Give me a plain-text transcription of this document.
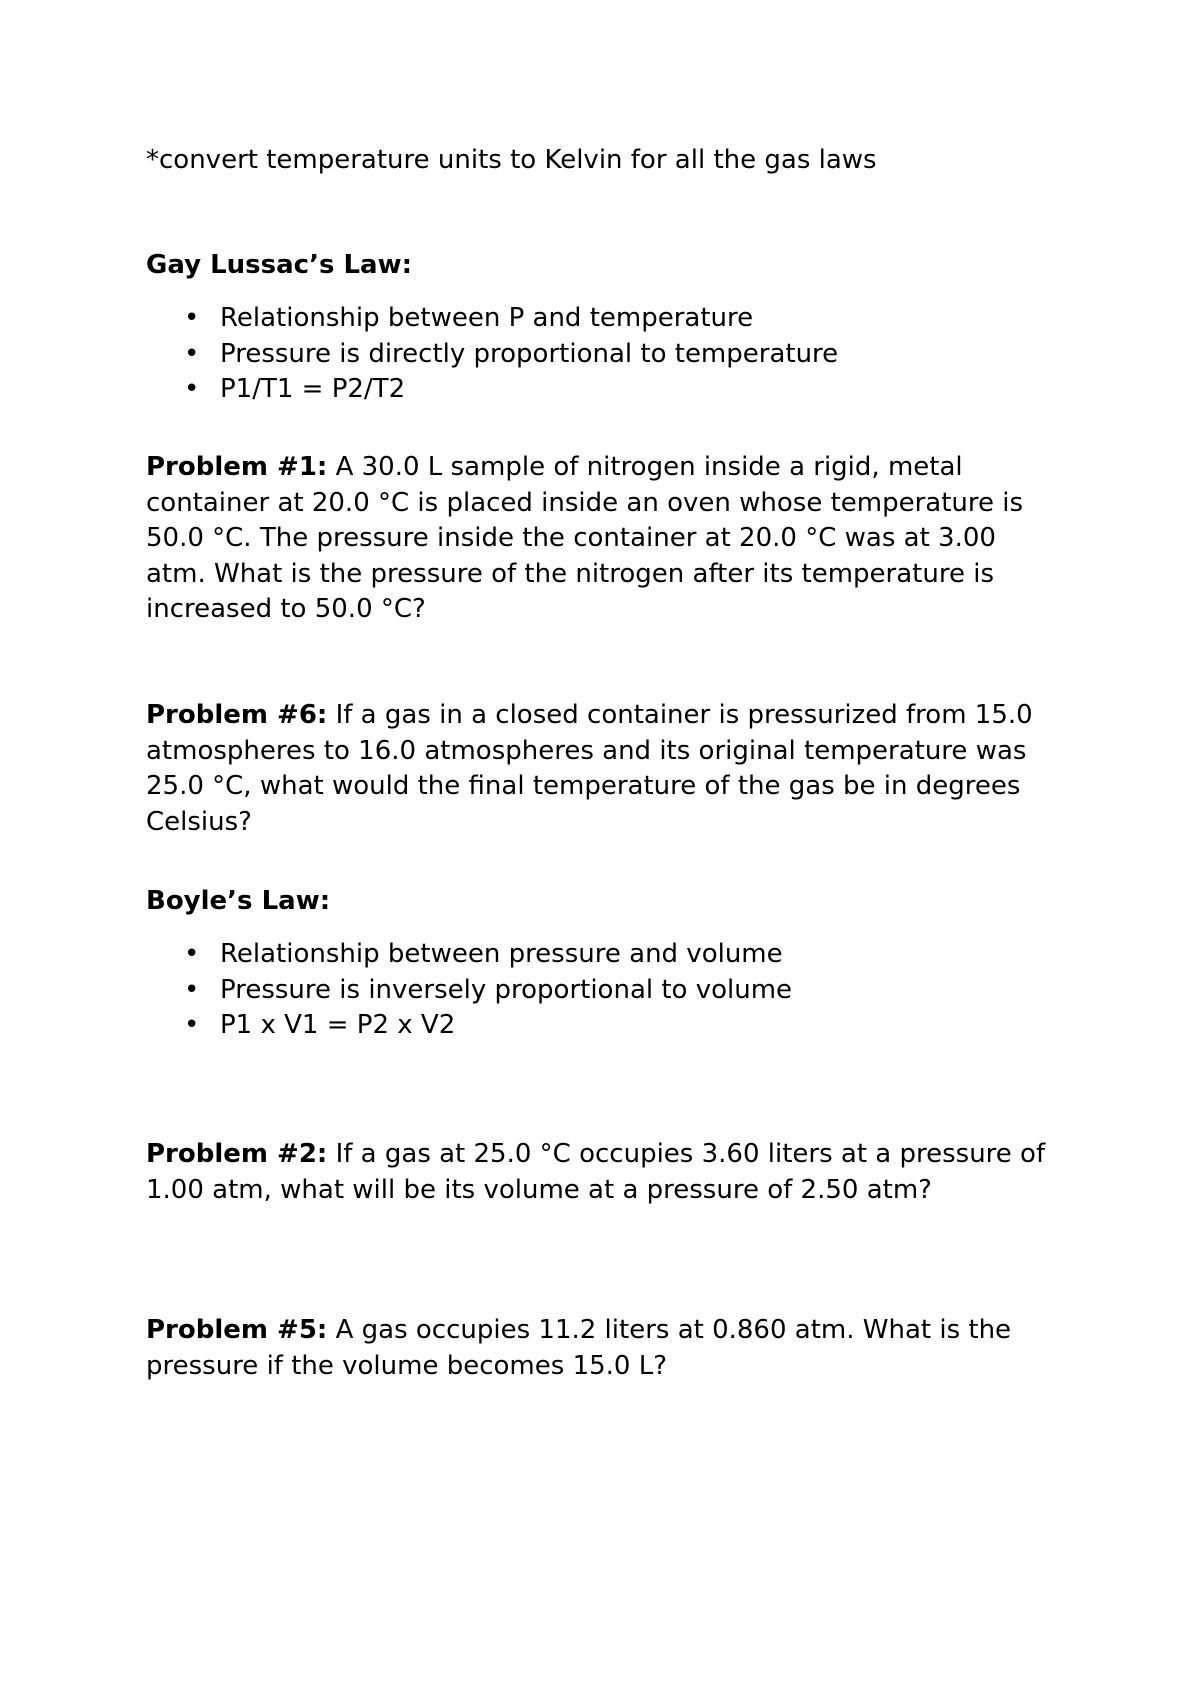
*convert temperature units to Kelvin for all the gas laws

Gay Lussac’s Law:

• Relationship between P and temperature
• Pressure is directly proportional to temperature
• P1/T1 = P2/T2

Problem #1: A 30.0 L sample of nitrogen inside a rigid, metal container at 20.0 °C is placed inside an oven whose temperature is 50.0 °C. The pressure inside the container at 20.0 °C was at 3.00 atm. What is the pressure of the nitrogen after its temperature is increased to 50.0 °C?

Problem #6: If a gas in a closed container is pressurized from 15.0 atmospheres to 16.0 atmospheres and its original temperature was 25.0 °C, what would the final temperature of the gas be in degrees Celsius?

Boyle’s Law:

• Relationship between pressure and volume
• Pressure is inversely proportional to volume
• P1 x V1 = P2 x V2

Problem #2: If a gas at 25.0 °C occupies 3.60 liters at a pressure of 1.00 atm, what will be its volume at a pressure of 2.50 atm?

Problem #5: A gas occupies 11.2 liters at 0.860 atm. What is the pressure if the volume becomes 15.0 L?
